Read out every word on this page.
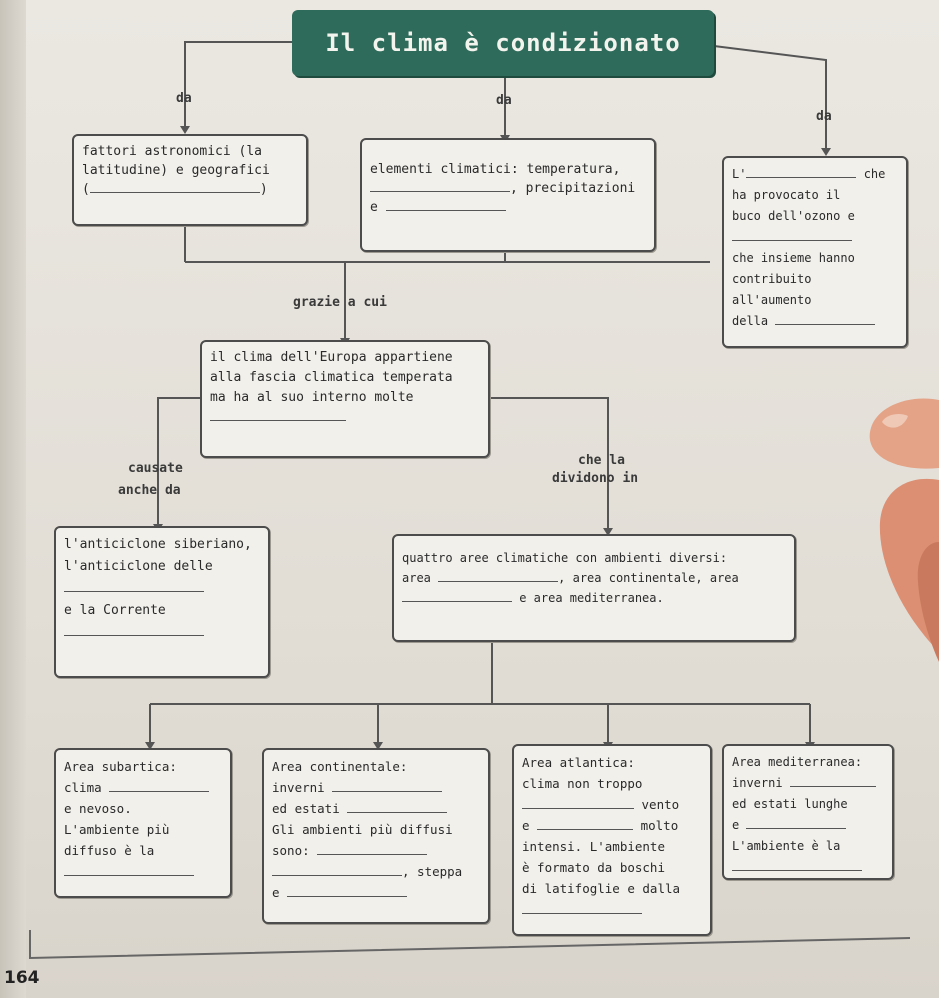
Il clima è condizionato
da	da
da
grazie a cui
causate
anche da
che la
dividono in
fattori astronomici (la
latitudine) e geografici
(	)
elementi climatici: temperatura,
, precipitazioni
e
L'	che
ha provocato il
buco dell'ozono e
che insieme hanno
contribuito all'aumento
della
il clima dell'Europa appartiene
alla fascia climatica temperata
ma ha al suo interno molte
l'anticiclone siberiano,
l'anticiclone delle
e la Corrente
quattro aree climatiche con ambienti diversi:
area	, area continentale, area
e area mediterranea.
Area subartica:
clima
e nevoso.
L'ambiente più
diffuso è la
Area continentale:
inverni
ed estati
Gli ambienti più diffusi
sono:
, steppa
e
Area atlantica:
clima non troppo
vento
e	molto
intensi. L'ambiente
è formato da boschi
di latifoglie e dalla
Area mediterranea:
inverni
ed estati lunghe
e
L'ambiente è la
164
